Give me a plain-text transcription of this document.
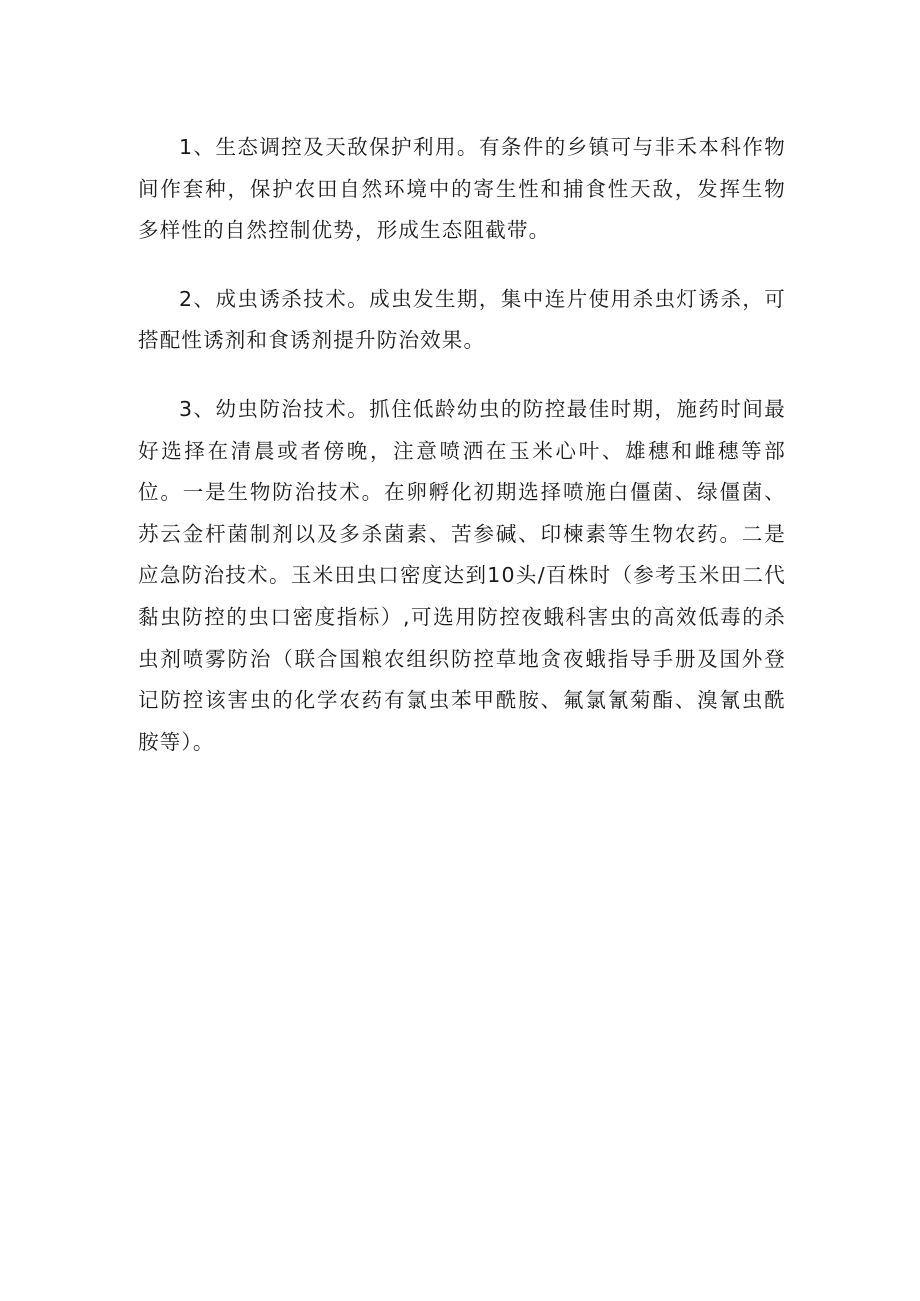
1、生态调控及天敌保护利用。有条件的乡镇可与非禾本科作物间作套种，保护农田自然环境中的寄生性和捕食性天敌，发挥生物多样性的自然控制优势，形成生态阻截带。

2、成虫诱杀技术。成虫发生期，集中连片使用杀虫灯诱杀，可搭配性诱剂和食诱剂提升防治效果。

3、幼虫防治技术。抓住低龄幼虫的防控最佳时期，施药时间最好选择在清晨或者傍晚，注意喷洒在玉米心叶、雄穗和雌穗等部位。一是生物防治技术。在卵孵化初期选择喷施白僵菌、绿僵菌、苏云金杆菌制剂以及多杀菌素、苦参碱、印楝素等生物农药。二是应急防治技术。玉米田虫口密度达到10头/百株时（参考玉米田二代黏虫防控的虫口密度指标）,可选用防控夜蛾科害虫的高效低毒的杀虫剂喷雾防治（联合国粮农组织防控草地贪夜蛾指导手册及国外登记防控该害虫的化学农药有氯虫苯甲酰胺、氟氯氰菊酯、溴氰虫酰胺等）。
